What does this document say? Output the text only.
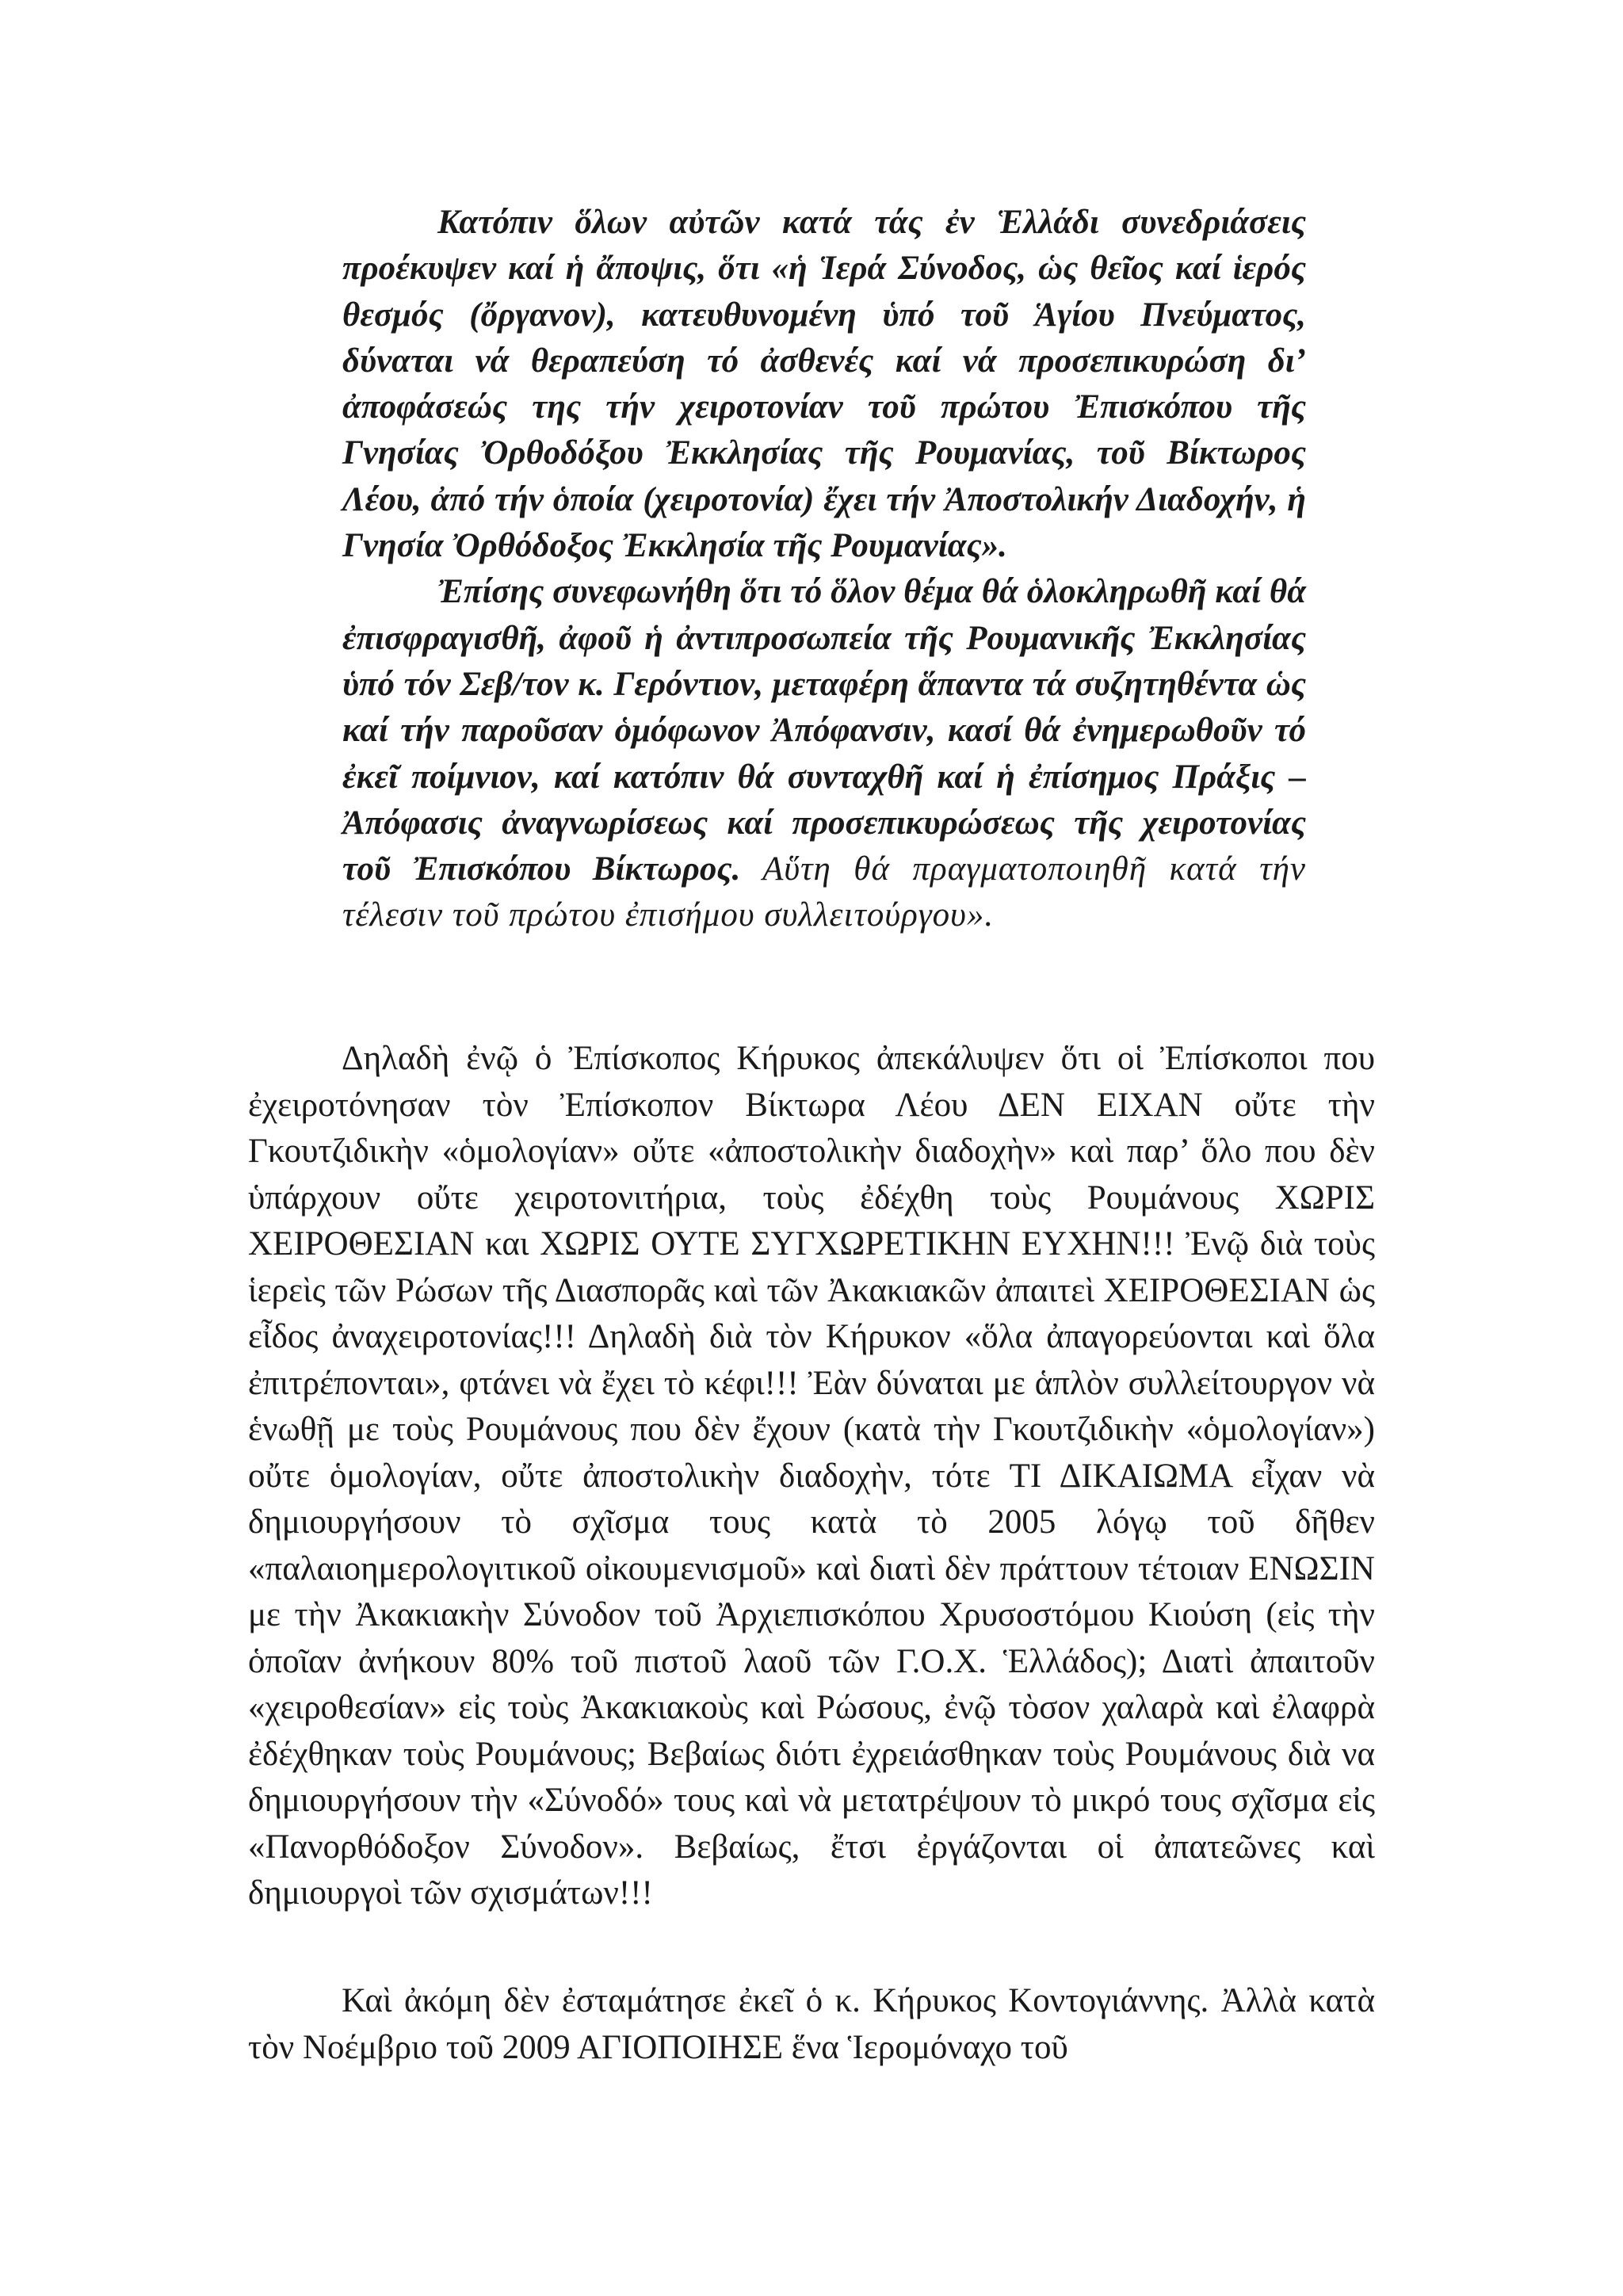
Κατόπιν ὅλων αὐτῶν κατά τάς ἐν Ἑλλάδι συνεδριάσεις προέκυψεν καί ἡ ἄποψις, ὅτι «ἡ Ἱερά Σύνοδος, ὡς θεῖος καί ἱερός θεσμός (ὄργανον), κατευθυνομένη ὑπό τοῦ Ἁγίου Πνεύματος, δύναται νά θεραπεύση τό ἀσθενές καί νά προσεπικυρώση δι’ ἀποφάσεώς της τήν χειροτονίαν τοῦ πρώτου Ἐπισκόπου τῆς Γνησίας Ὀρθοδόξου Ἐκκλησίας τῆς Ρουμανίας, τοῦ Βίκτωρος Λέου, ἀπό τήν ὁποία (χειροτονία) ἔχει τήν Ἀποστολικήν Διαδοχήν, ἡ Γνησία Ὀρθόδοξος Ἐκκλησία τῆς Ρουμανίας».

Ἐπίσης συνεφωνήθη ὅτι τό ὅλον θέμα θά ὁλοκληρωθῆ καί θά ἐπισφραγισθῆ, ἀφοῦ ἡ ἀντιπροσωπεία τῆς Ρουμανικῆς Ἐκκλησίας ὑπό τόν Σεβ/τον κ. Γερόντιον, μεταφέρη ἅπαντα τά συζητηθέντα ὡς καί τήν παροῦσαν ὁμόφωνον Ἀπόφανσιν, κασί θά ἐνημερωθοῦν τό ἐκεῖ ποίμνιον, καί κατόπιν θά συνταχθῆ καί ἡ ἐπίσημος Πράξις – Ἀπόφασις ἀναγνωρίσεως καί προσεπικυρώσεως τῆς χειροτονίας τοῦ Ἐπισκόπου Βίκτωρος. Αὕτη θά πραγματοποιηθῆ κατά τήν τέλεσιν τοῦ πρώτου ἐπισήμου συλλειτούργου».

Δηλαδὴ ἐνῷ ὁ Ἐπίσκοπος Κήρυκος ἀπεκάλυψεν ὅτι οἱ Ἐπίσκοποι που ἐχειροτόνησαν τὸν Ἐπίσκοπον Βίκτωρα Λέου ΔΕΝ ΕΙΧΑΝ οὔτε τὴν Γκουτζιδικὴν «ὁμολογίαν» οὔτε «ἀποστολικὴν διαδοχὴν» καὶ παρ’ ὅλο που δὲν ὑπάρχουν οὔτε χειροτονιτήρια, τοὺς ἐδέχθη τοὺς Ρουμάνους ΧΩΡΙΣ ΧΕΙΡΟΘΕΣΙΑΝ και ΧΩΡΙΣ ΟΥΤΕ ΣΥΓΧΩΡΕΤΙΚΗΝ ΕΥΧΗΝ!!! Ἐνῷ διὰ τοὺς ἱερεὶς τῶν Ρώσων τῆς Διασπορᾶς καὶ τῶν Ἀκακιακῶν ἀπαιτεὶ ΧΕΙΡΟΘΕΣΙΑΝ ὡς εἶδος ἀναχειροτονίας!!! Δηλαδὴ διὰ τὸν Κήρυκον «ὅλα ἀπαγορεύονται καὶ ὅλα ἐπιτρέπονται», φτάνει νὰ ἔχει τὸ κέφι!!! Ἐὰν δύναται με ἁπλὸν συλλείτουργον νὰ ἑνωθῇ με τοὺς Ρουμάνους που δὲν ἔχουν (κατὰ τὴν Γκουτζιδικὴν «ὁμολογίαν») οὔτε ὁμολογίαν, οὔτε ἀποστολικὴν διαδοχὴν, τότε ΤΙ ΔΙΚΑΙΩΜΑ εἶχαν νὰ δημιουργήσουν τὸ σχῖσμα τους κατὰ τὸ 2005 λόγῳ τοῦ δῆθεν «παλαιοημερολογιτικοῦ οἰκουμενισμοῦ» καὶ διατὶ δὲν πράττουν τέτοιαν ΕΝΩΣΙΝ με τὴν Ἀκακιακὴν Σύνοδον τοῦ Ἀρχιεπισκόπου Χρυσοστόμου Κιούση (εἰς τὴν ὁποῖαν ἀνήκουν 80% τοῦ πιστοῦ λαοῦ τῶν Γ.Ο.Χ. Ἑλλάδος); Διατὶ ἀπαιτοῦν «χειροθεσίαν» εἰς τοὺς Ἀκακιακοὺς καὶ Ρώσους, ἐνῷ τὸσον χαλαρὰ καὶ ἐλαφρὰ ἐδέχθηκαν τοὺς Ρουμάνους; Βεβαίως διότι ἐχρειάσθηκαν τοὺς Ρουμάνους διὰ να δημιουργήσουν τὴν «Σύνοδό» τους καὶ νὰ μετατρέψουν τὸ μικρό τους σχῖσμα εἰς «Πανορθόδοξον Σύνοδον». Βεβαίως, ἔτσι ἐργάζονται οἱ ἀπατεῶνες καὶ δημιουργοὶ τῶν σχισμάτων!!!

Καὶ ἀκόμη δὲν ἐσταμάτησε ἐκεῖ ὁ κ. Κήρυκος Κοντογιάννης. Ἀλλὰ κατὰ τὸν Νοέμβριο τοῦ 2009 ΑΓΙΟΠΟΙΗΣΕ ἕνα Ἱερομόναχο τοῦ
